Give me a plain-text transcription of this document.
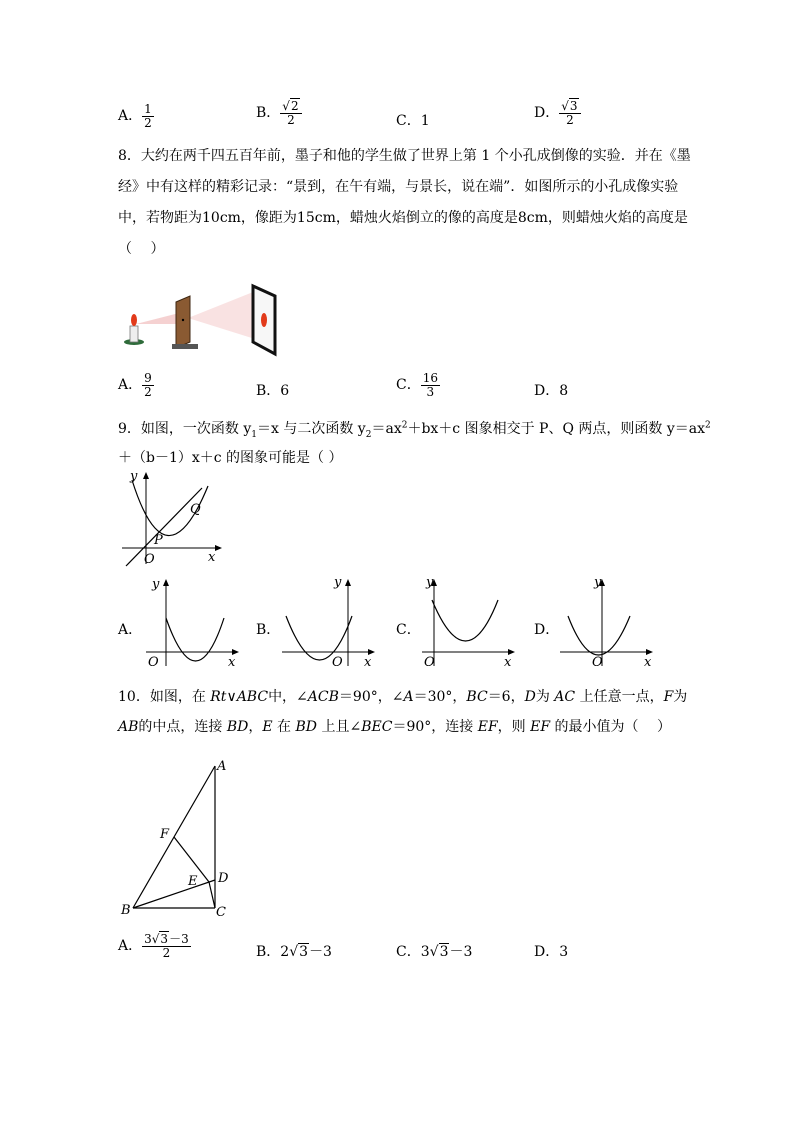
A． $\frac{1}{2}$	B． $\frac{√2}{2}$	C．1	D． $\frac{√3}{2}$
8．大约在两千四五百年前，墨子和他的学生做了世界上第 1 个小孔成倒像的实验．并在《墨
经》中有这样的精彩记录：“景到，在午有端，与景长，说在端”．如图所示的小孔成像实验
中，若物距为10cm，像距为15cm，蜡烛火焰倒立的像的高度是8cm，则蜡烛火焰的高度是
（　 ）
A． $\frac{9}{2}$	B．6	C． $\frac{16}{3}$	D．8
9．如图，一次函数 $y_1=x$ 与二次函数 $y_2=ax^2+bx+c$ 图象相交于 P、Q 两点，则函数 $y=ax^2$
＋（b－1）x＋c 的图象可能是（ ）
y
x
O
P
Q
A．
y
x
O
B．
y
x
O
C．
y
x
O
D．
y
x
O
10．如图，在 Rt∨ABC中，∠ACB＝90°，∠A＝30°，BC＝6，D为 AC 上任意一点，F为
AB的中点，连接 BD，E 在 BD 上且∠BEC＝90°，连接 EF，则 EF 的最小值为（　 ）
A
B	C
D
E
F
A． $\frac{3√3-3}{2}$	B．2√3－3	C．3√3－3	D．3
